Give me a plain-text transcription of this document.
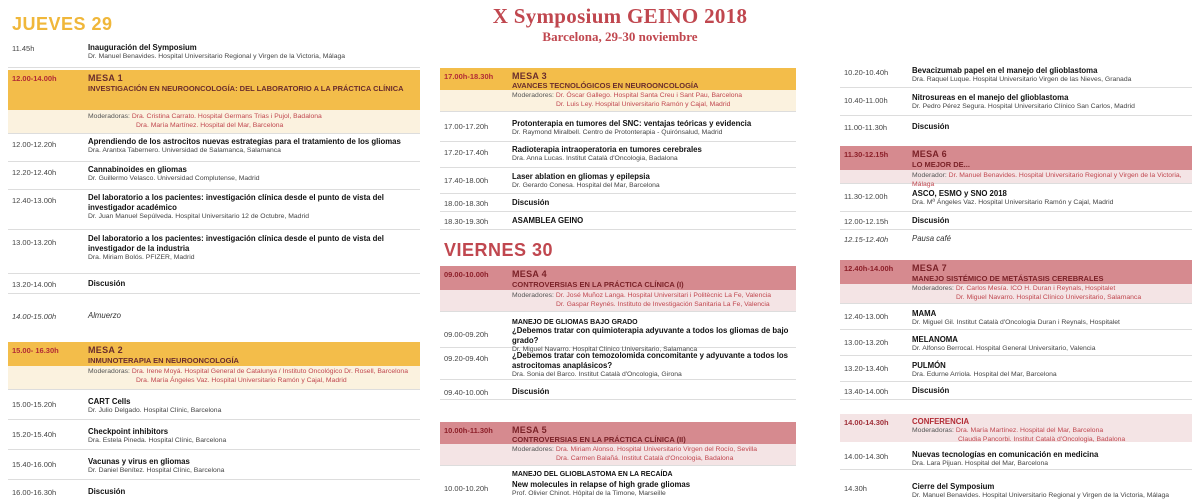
X Symposium GEINO 2018
Barcelona, 29-30 noviembre
JUEVES 29
11.45h	Inauguración del Symposium
Dr. Manuel Benavides. Hospital Universitario Regional y Virgen de la Victoria, Málaga
12.00-14.00h	MESA 1
INVESTIGACIÓN EN NEUROONCOLOGÍA: DEL LABORATORIO A LA PRÁCTICA CLÍNICA
Moderadoras: Dra. Cristina Carrato. Hospital Germans Trias i Pujol, Badalona
Dra. María Martínez. Hospital del Mar, Barcelona
12.00-12.20h	Aprendiendo de los astrocitos nuevas estrategias para el tratamiento de los gliomas
Dra. Arantxa Tabernero. Universidad de Salamanca, Salamanca
12.20-12.40h	Cannabinoides en gliomas
Dr. Guillermo Velasco. Universidad Complutense, Madrid
12.40-13.00h	Del laboratorio a los pacientes: investigación clínica desde el punto de vista del investigador académico
Dr. Juan Manuel Sepúlveda. Hospital Universitario 12 de Octubre, Madrid
13.00-13.20h	Del laboratorio a los pacientes: investigación clínica desde el punto de vista del investigador de la industria
Dra. Miriam Bolós. PFIZER, Madrid
13.20-14.00h	Discusión
14.00-15.00h	Almuerzo
15.00- 16.30h	MESA 2
INMUNOTERAPIA EN NEUROONCOLOGÍA
Moderadoras: Dra. Irene Moyá. Hospital General de Catalunya / Instituto Oncológico Dr. Rosell, Barcelona
Dra. María Ángeles Vaz. Hospital Universitario Ramón y Cajal, Madrid
15.00-15.20h	CART Cells
Dr. Julio Delgado. Hospital Clínic, Barcelona
15.20-15.40h	Checkpoint inhibitors
Dra. Estela Pineda. Hospital Clínic, Barcelona
15.40-16.00h	Vacunas y virus en gliomas
Dr. Daniel Benítez. Hospital Clínic, Barcelona
16.00-16.30h	Discusión
17.00h-18.30h MESA 3
AVANCES TECNOLÓGICOS EN NEUROONCOLOGÍA
Moderadores: Dr. Óscar Gallego. Hospital Santa Creu i Sant Pau, Barcelona
Dr. Luis Ley. Hospital Universitario Ramón y Cajal, Madrid
17.00-17.20h	Protonterapia en tumores del SNC: ventajas teóricas y evidencia
Dr. Raymond Miralbell. Centro de Protonterapia - Quirónsalud, Madrid
17.20-17.40h	Radioterapia intraoperatoria en tumores cerebrales
Dra. Anna Lucas. Institut Català d'Oncologia, Badalona
17.40-18.00h	Laser ablation en gliomas y epilepsia
Dr. Gerardo Conesa. Hospital del Mar, Barcelona
18.00-18.30h	Discusión
18.30-19.30h	ASAMBLEA GEINO
VIERNES 30
09.00-10.00h	MESA 4
CONTROVERSIAS EN LA PRÁCTICA CLÍNICA (I)
Moderadores: Dr. José Muñoz Langa. Hospital Universitari i Politècnic La Fe, Valencia
Dr. Gaspar Reynés. Instituto de Investigación Sanitaria La Fe, Valencia
MANEJO DE GLIOMAS BAJO GRADO
09.00-09.20h	¿Debemos tratar con quimioterapia adyuvante a todos los gliomas de bajo grado?
Dr. Miguel Navarro. Hospital Clínico Universitario, Salamanca
09.20-09.40h	¿Debemos tratar con temozolomida concomitante y adyuvante a todos los astrocitomas anaplásicos?
Dra. Sonia del Barco. Institut Català d'Oncologia, Girona
09.40-10.00h	Discusión
10.00h-11.30h MESA 5
CONTROVERSIAS EN LA PRÁCTICA CLÍNICA (II)
Moderadores: Dra. Miriam Alonso. Hospital Universitario Virgen del Rocío, Sevilla
Dra. Carmen Balañá. Institut Català d'Oncologia, Badalona
MANEJO DEL GLIOBLASTOMA EN LA RECAÍDA
10.00-10.20h	New molecules in relapse of high grade gliomas
Prof. Olivier Chinot. Hôpital de la Timone, Marseille
10.20-10.40h	Bevacizumab papel en el manejo del glioblastoma
Dra. Raquel Luque. Hospital Universitario Virgen de las Nieves, Granada
10.40-11.00h	Nitrosureas en el manejo del glioblastoma
Dr. Pedro Pérez Segura. Hospital Universitario Clínico San Carlos, Madrid
11.00-11.30h	Discusión
11.30-12.15h	MESA 6
LO MEJOR DE...
Moderador: Dr. Manuel Benavides. Hospital Universitario Regional y Virgen de la Victoria, Málaga
11.30-12.00h	ASCO, ESMO y SNO 2018
Dra. Mª Ángeles Vaz. Hospital Universitario Ramón y Cajal, Madrid
12.00-12.15h	Discusión
12.15-12.40h	Pausa café
12.40h-14.00h MESA 7
MANEJO SISTÉMICO DE METÁSTASIS CEREBRALES
Moderadores: Dr. Carlos Mesía. ICO H. Duran i Reynals, Hospitalet
Dr. Miguel Navarro. Hospital Clínico Universitario, Salamanca
12.40-13.00h	MAMA
Dr. Miguel Gil. Institut Català d'Oncologia Duran i Reynals, Hospitalet
13.00-13.20h	MELANOMA
Dr. Alfonso Berrocal. Hospital General Universitario, Valencia
13.20-13.40h	PULMÓN
Dra. Edurne Arriola. Hospital del Mar, Barcelona
13.40-14.00h	Discusión
14.00-14.30h	CONFERENCIA
Moderadoras: Dra. María Martínez. Hospital del Mar, Barcelona
Claudia Pancorbi. Institut Català d'Oncologia, Badalona
14.00-14.30h	Nuevas tecnologías en comunicación en medicina
Dra. Lara Pijuan. Hospital del Mar, Barcelona
14.30h	Cierre del Symposium
Dr. Manuel Benavides. Hospital Universitario Regional y Virgen de la Victoria, Málaga
